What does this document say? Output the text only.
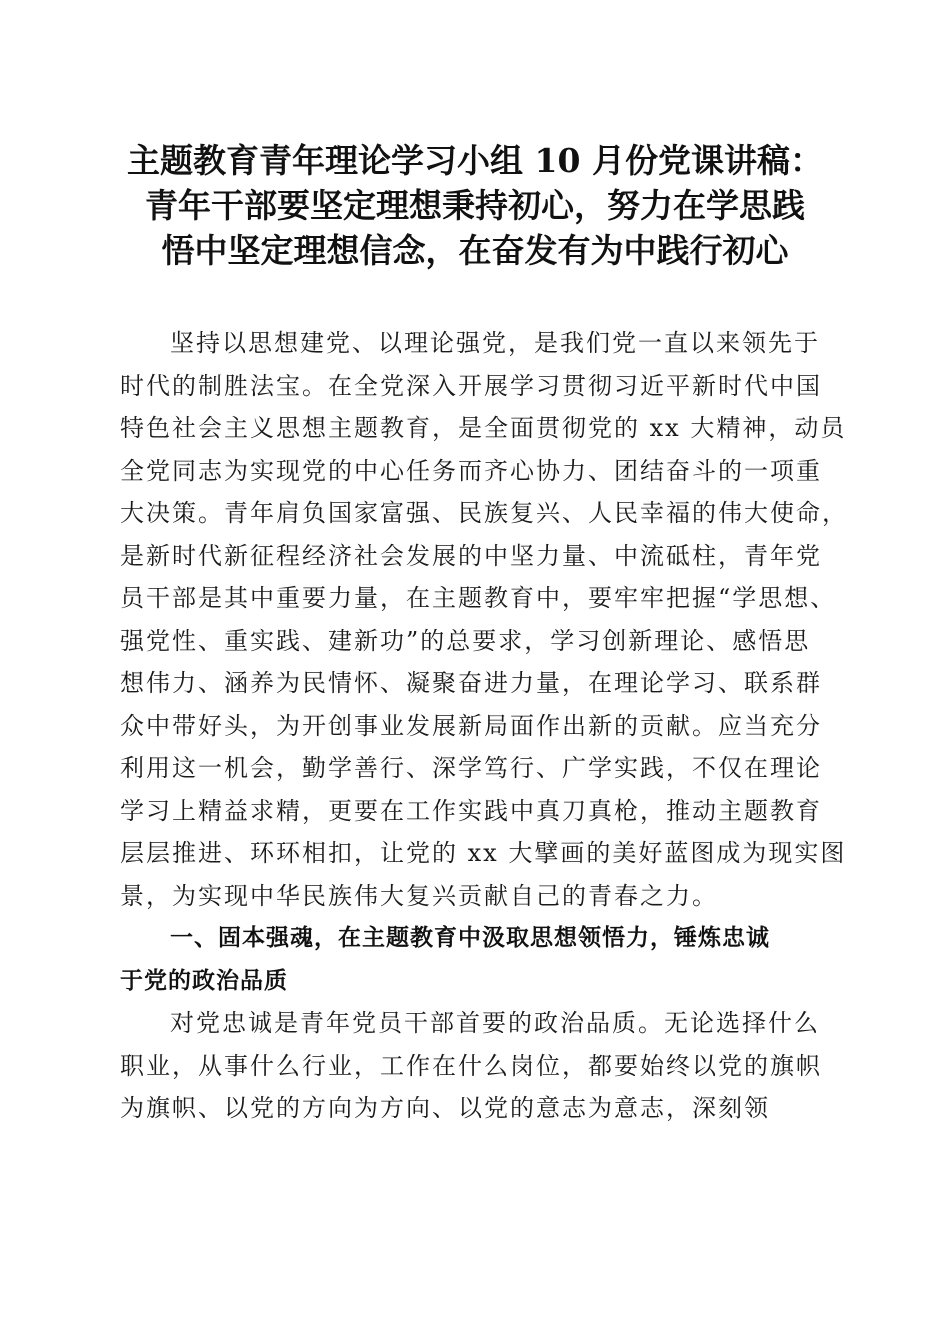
主题教育青年理论学习小组 10 月份党课讲稿：
青年干部要坚定理想秉持初心，努力在学思践
悟中坚定理想信念，在奋发有为中践行初心
坚持以思想建党、以理论强党，是我们党一直以来领先于
时代的制胜法宝。在全党深入开展学习贯彻习近平新时代中国
特色社会主义思想主题教育，是全面贯彻党的 xx 大精神，动员
全党同志为实现党的中心任务而齐心协力、团结奋斗的一项重
大决策。青年肩负国家富强、民族复兴、人民幸福的伟大使命，
是新时代新征程经济社会发展的中坚力量、中流砥柱，青年党
员干部是其中重要力量，在主题教育中，要牢牢把握“学思想、
强党性、重实践、建新功”的总要求，学习创新理论、感悟思
想伟力、涵养为民情怀、凝聚奋进力量，在理论学习、联系群
众中带好头，为开创事业发展新局面作出新的贡献。应当充分
利用这一机会，勤学善行、深学笃行、广学实践，不仅在理论
学习上精益求精，更要在工作实践中真刀真枪，推动主题教育
层层推进、环环相扣，让党的 xx 大擘画的美好蓝图成为现实图
景，为实现中华民族伟大复兴贡献自己的青春之力。
一、固本强魂，在主题教育中汲取思想领悟力，锤炼忠诚
于党的政治品质
对党忠诚是青年党员干部首要的政治品质。无论选择什么
职业，从事什么行业，工作在什么岗位，都要始终以党的旗帜
为旗帜、以党的方向为方向、以党的意志为意志，深刻领
